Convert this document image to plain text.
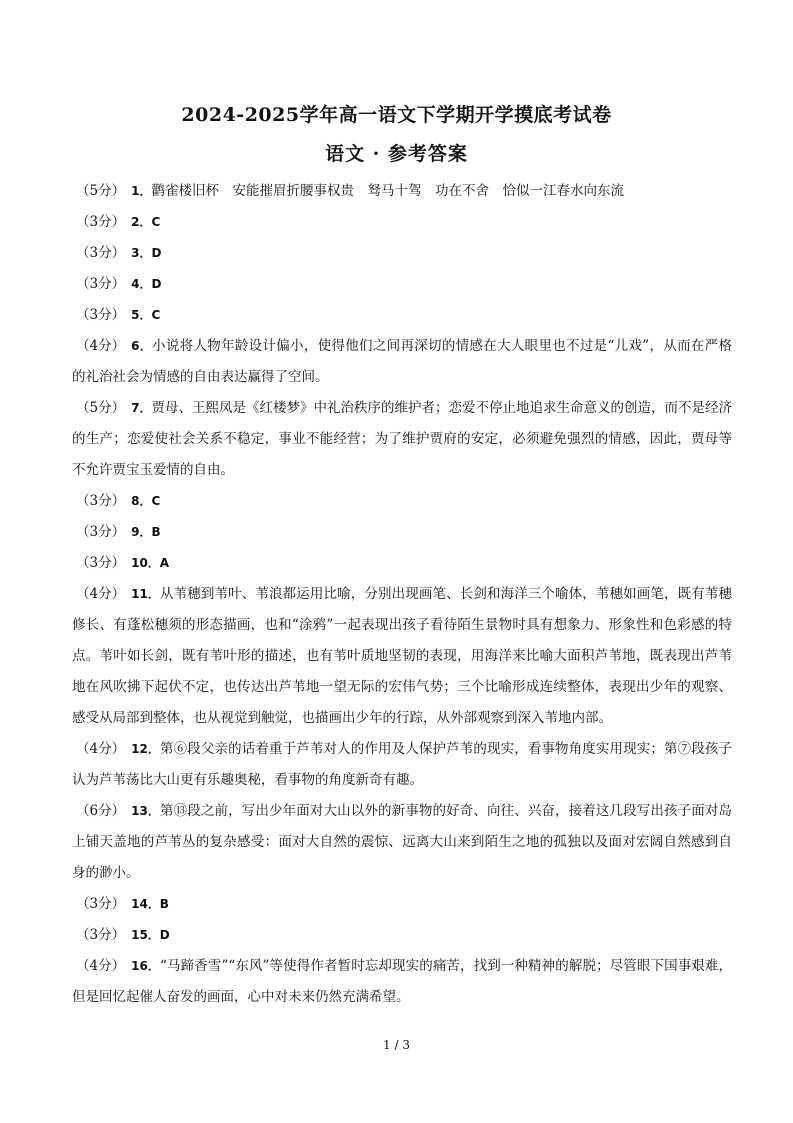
2024-2025学年高一语文下学期开学摸底考试卷
语文 · 参考答案
（5分） 1．鹳雀楼旧杯　安能摧眉折腰事权贵　驽马十驾　功在不舍　恰似一江春水向东流
（3分） 2．C
（3分） 3．D
（3分） 4．D
（3分） 5．C
（4分） 6．小说将人物年龄设计偏小，使得他们之间再深切的情感在大人眼里也不过是“儿戏”，从而在严格的礼治社会为情感的自由表达赢得了空间。
（5分） 7．贾母、王熙凤是《红楼梦》中礼治秩序的维护者；恋爱不停止地追求生命意义的创造，而不是经济的生产；恋爱使社会关系不稳定，事业不能经营；为了维护贾府的安定，必须避免强烈的情感，因此，贾母等不允许贾宝玉爱情的自由。
（3分） 8．C
（3分） 9．B
（3分） 10．A
（4分） 11．从苇穗到苇叶、苇浪都运用比喻，分别出现画笔、长剑和海洋三个喻体，苇穗如画笔，既有苇穗修长、有蓬松穗须的形态描画，也和“涂鸦”一起表现出孩子看待陌生景物时具有想象力、形象性和色彩感的特点。苇叶如长剑，既有苇叶形的描述，也有苇叶质地坚韧的表现，用海洋来比喻大面积芦苇地，既表现出芦苇地在风吹拂下起伏不定，也传达出芦苇地一望无际的宏伟气势；三个比喻形成连续整体，表现出少年的观察、感受从局部到整体，也从视觉到触觉，也描画出少年的行踪，从外部观察到深入苇地内部。
（4分） 12．第⑥段父亲的话着重于芦苇对人的作用及人保护芦苇的现实，看事物角度实用现实；第⑦段孩子认为芦苇荡比大山更有乐趣奥秘，看事物的角度新奇有趣。
（6分） 13．第⑬段之前，写出少年面对大山以外的新事物的好奇、向往、兴奋，接着这几段写出孩子面对岛上铺天盖地的芦苇丛的复杂感受：面对大自然的震惊、远离大山来到陌生之地的孤独以及面对宏阔自然感到自身的渺小。
（3分） 14．B
（3分） 15．D
（4分） 16．“马蹄香雪”“东风”等使得作者暂时忘却现实的痛苦，找到一种精神的解脱；尽管眼下国事艰难，但是回忆起催人奋发的画面，心中对未来仍然充满希望。
1 / 3
